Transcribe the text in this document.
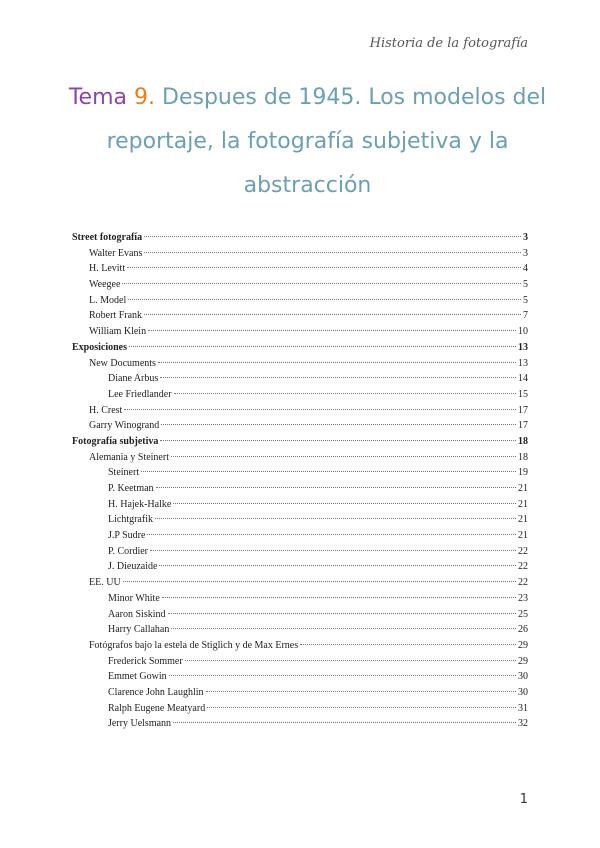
Historia de la fotografía
Tema 9. Despues de 1945. Los modelos del reportaje, la fotografía subjetiva y la abstracción
Street fotografía	3
Walter Evans	3
H. Levitt	4
Weegee	5
L. Model	5
Robert Frank	7
William Klein	10
Exposiciones	13
New Documents	13
Diane Arbus	14
Lee Friedlander	15
H. Crest	17
Garry Winogrand	17
Fotografía subjetiva	18
Alemania y Steinert	18
Steinert	19
P. Keetman	21
H. Hajek-Halke	21
Lichtgrafik	21
J.P Sudre	21
P. Cordier	22
J. Dieuzaide	22
EE. UU	22
Minor White	23
Aaron Siskind	25
Harry Callahan	26
Fotógrafos bajo la estela de Stiglich y de Max Ernes	29
Frederick Sommer	29
Emmet Gowin	30
Clarence John Laughlin	30
Ralph Eugene Meatyard	31
Jerry Uelsmann	32
1
